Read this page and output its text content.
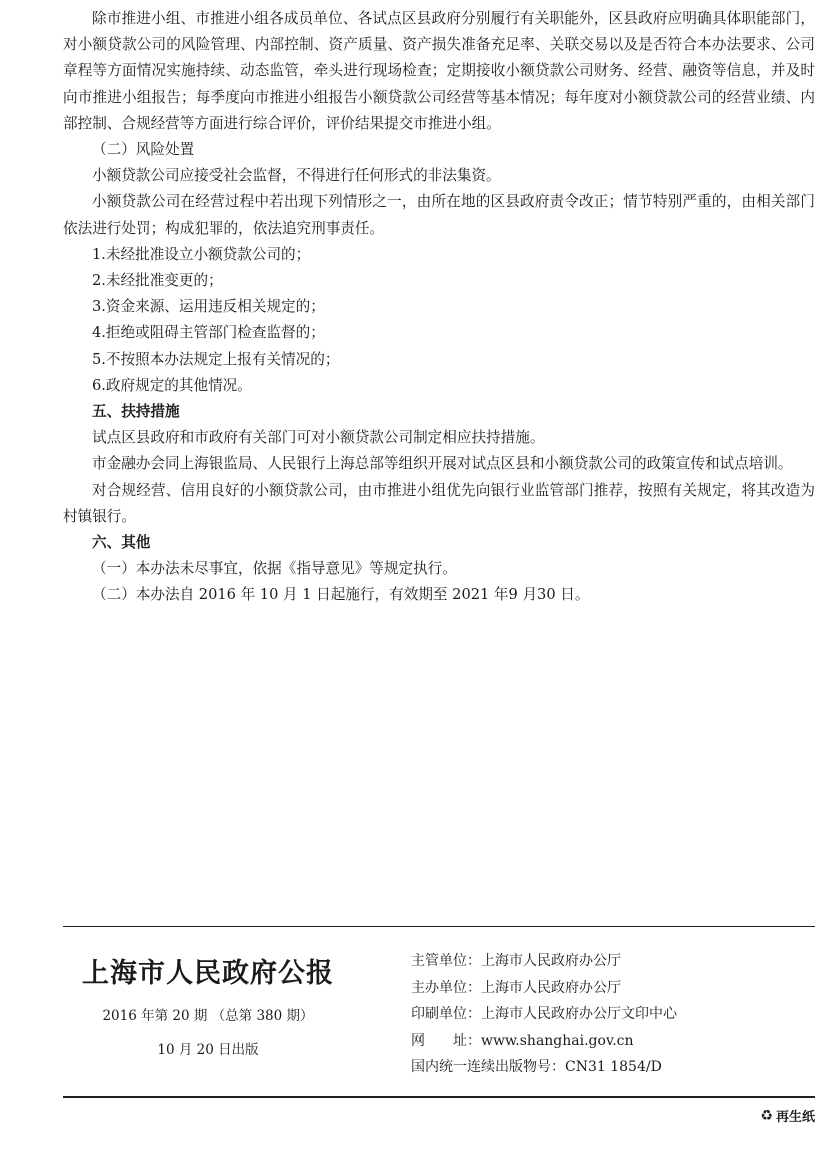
除市推进小组、市推进小组各成员单位、各试点区县政府分别履行有关职能外，区县政府应明确具体职能部门，对小额贷款公司的风险管理、内部控制、资产质量、资产损失准备充足率、关联交易以及是否符合本办法要求、公司章程等方面情况实施持续、动态监管，牵头进行现场检查；定期接收小额贷款公司财务、经营、融资等信息，并及时向市推进小组报告；每季度向市推进小组报告小额贷款公司经营等基本情况；每年度对小额贷款公司的经营业绩、内部控制、合规经营等方面进行综合评价，评价结果提交市推进小组。

（二）风险处置

小额贷款公司应接受社会监督，不得进行任何形式的非法集资。

小额贷款公司在经营过程中若出现下列情形之一，由所在地的区县政府责令改正；情节特别严重的，由相关部门依法进行处罚；构成犯罪的，依法追究刑事责任。

1.未经批准设立小额贷款公司的；

2.未经批准变更的；

3.资金来源、运用违反相关规定的；

4.拒绝或阻碍主管部门检查监督的；

5.不按照本办法规定上报有关情况的；

6.政府规定的其他情况。

五、扶持措施

试点区县政府和市政府有关部门可对小额贷款公司制定相应扶持措施。

市金融办会同上海银监局、人民银行上海总部等组织开展对试点区县和小额贷款公司的政策宣传和试点培训。

对合规经营、信用良好的小额贷款公司，由市推进小组优先向银行业监管部门推荐，按照有关规定，将其改造为村镇银行。

六、其他

（一）本办法未尽事宜，依据《指导意见》等规定执行。

（二）本办法自 2016 年 10 月 1 日起施行，有效期至 2021 年9 月30 日。

上海市人民政府公报
2016 年第 20 期 （总第 380 期）
10 月 20 日出版
主管单位：上海市人民政府办公厅
主办单位：上海市人民政府办公厅
印刷单位：上海市人民政府办公厅文印中心
网　　址：www.shanghai.gov.cn
国内统一连续出版物号：CN31 1854/D
♻ 再生纸
